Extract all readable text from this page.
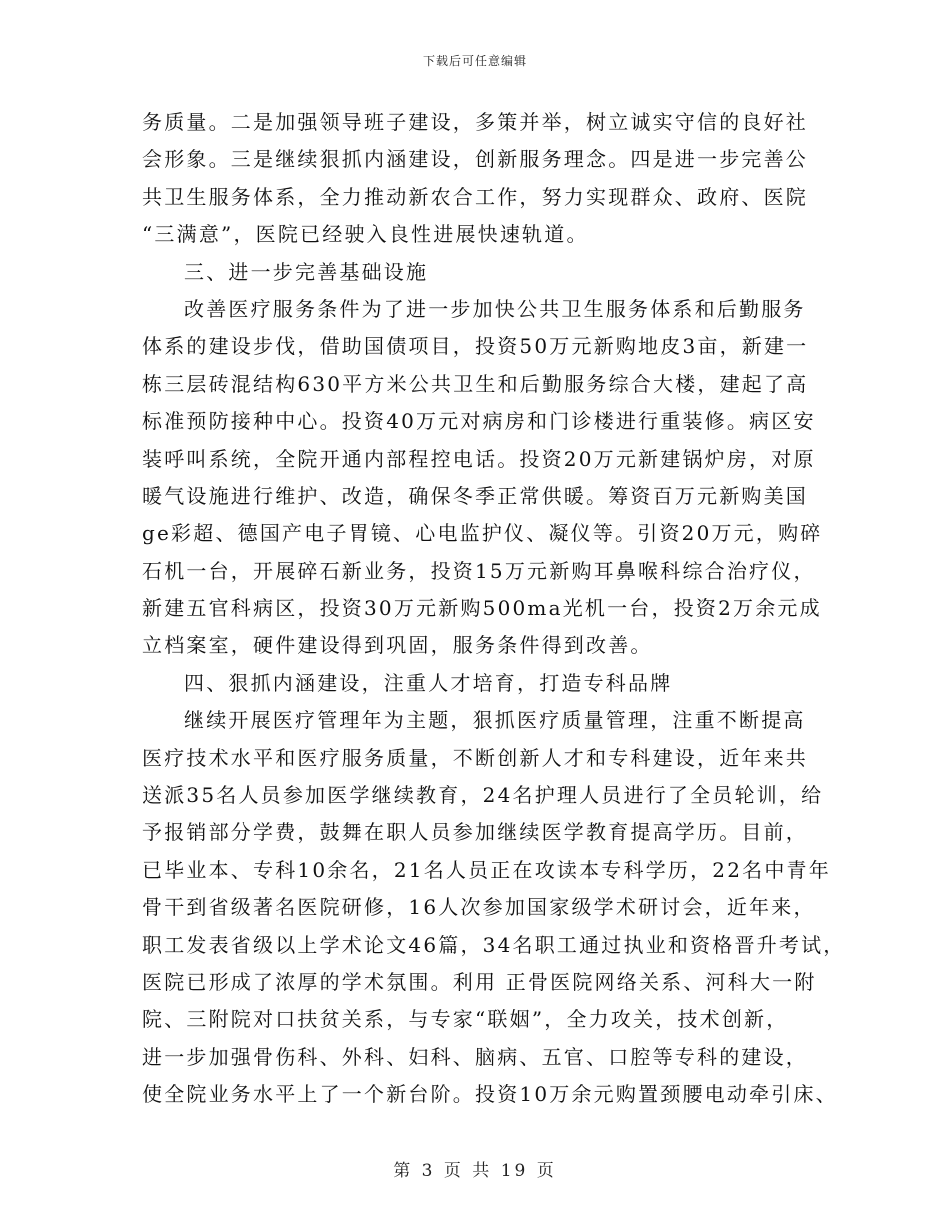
下载后可任意编辑
务质量。二是加强领导班子建设，多策并举，树立诚实守信的良好社
会形象。三是继续狠抓内涵建设，创新服务理念。四是进一步完善公
共卫生服务体系，全力推动新农合工作，努力实现群众、政府、医院
“三满意”，医院已经驶入良性进展快速轨道。
三、进一步完善基础设施
改善医疗服务条件为了进一步加快公共卫生服务体系和后勤服务
体系的建设步伐，借助国债项目，投资50万元新购地皮3亩，新建一
栋三层砖混结构630平方米公共卫生和后勤服务综合大楼，建起了高
标准预防接种中心。投资40万元对病房和门诊楼进行重装修。病区安
装呼叫系统，全院开通内部程控电话。投资20万元新建锅炉房，对原
暖气设施进行维护、改造，确保冬季正常供暖。筹资百万元新购美国
ge彩超、德国产电子胃镜、心电监护仪、凝仪等。引资20万元，购碎
石机一台，开展碎石新业务，投资15万元新购耳鼻喉科综合治疗仪，
新建五官科病区，投资30万元新购500ma光机一台，投资2万余元成
立档案室，硬件建设得到巩固，服务条件得到改善。
四、狠抓内涵建设，注重人才培育，打造专科品牌
继续开展医疗管理年为主题，狠抓医疗质量管理，注重不断提高
医疗技术水平和医疗服务质量，不断创新人才和专科建设，近年来共
送派35名人员参加医学继续教育，24名护理人员进行了全员轮训，给
予报销部分学费，鼓舞在职人员参加继续医学教育提高学历。目前，
已毕业本、专科10余名，21名人员正在攻读本专科学历，22名中青年
骨干到省级著名医院研修，16人次参加国家级学术研讨会，近年来，
职工发表省级以上学术论文46篇，34名职工通过执业和资格晋升考试，
医院已形成了浓厚的学术氛围。利用 正骨医院网络关系、河科大一附
院、三附院对口扶贫关系，与专家“联姻”，全力攻关，技术创新，
进一步加强骨伤科、外科、妇科、脑病、五官、口腔等专科的建设，
使全院业务水平上了一个新台阶。投资10万余元购置颈腰电动牵引床、
第 3 页 共 19 页
